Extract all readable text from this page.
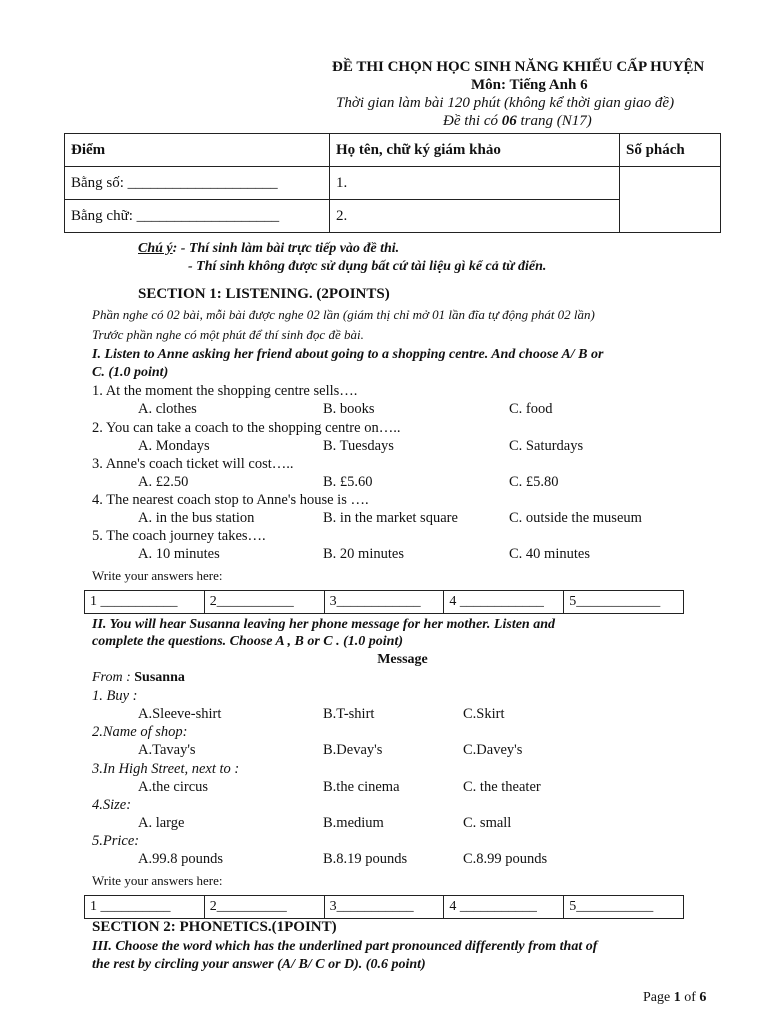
ĐỀ THI CHỌN HỌC SINH NĂNG KHIẾU CẤP HUYỆN
Môn: Tiếng Anh 6
Thời gian làm bài 120 phút (không kể thời gian giao đề)
Đề thi có 06 trang (N17)
Điểm	Họ tên, chữ ký giám khảo	Số phách
Bằng số: ____________________	1.	
Bằng chữ: ___________________	2.	
Chú ý: - Thí sinh làm bài trực tiếp vào đề thi.
- Thí sinh không được sử dụng bất cứ tài liệu gì kể cả từ điển.
SECTION 1: LISTENING. (2POINTS)
Phần nghe có 02 bài, mỗi bài được nghe 02 lần (giám thị chỉ mở 01 lần đĩa tự động phát 02 lần)
Trước phần nghe có một phút để thí sinh đọc đề bài.
I. Listen to Anne asking her friend about going to a shopping centre. And choose A/ B or
C. (1.0 point)
1. At the moment the shopping centre sells….
A. clothes	B. books	C. food
2. You can take a coach to the shopping centre on…..
A. Mondays	B. Tuesdays	C. Saturdays
3. Anne's coach ticket will cost…..
A. £2.50	B. £5.60	C. £5.80
4. The nearest coach stop to Anne's house is ….
A. in the bus station	B. in the market square	C. outside the museum
5. The coach journey takes….
A. 10 minutes	B. 20 minutes	C. 40 minutes
Write your answers here:
1 ___________	2___________	3____________	4 ____________	5____________
II. You will hear Susanna leaving her phone message for her mother. Listen and
complete the questions. Choose A , B or C . (1.0 point)
Message
From : Susanna
1. Buy :
A.Sleeve-shirt	B.T-shirt	C.Skirt
2.Name of shop:
A.Tavay's	B.Devay's	C.Davey's
3.In High Street, next to :
A.the circus	B.the cinema	C. the theater
4.Size:
A. large	B.medium	C. small
5.Price:
A.99.8 pounds	B.8.19 pounds	C.8.99 pounds
Write your answers here:
1 __________	2__________	3___________	4 ___________	5___________
SECTION 2: PHONETICS.(1POINT)
III. Choose the word which has the underlined part pronounced differently from that of
the rest by circling your answer (A/ B/ C or D). (0.6 point)
Page 1 of 6
